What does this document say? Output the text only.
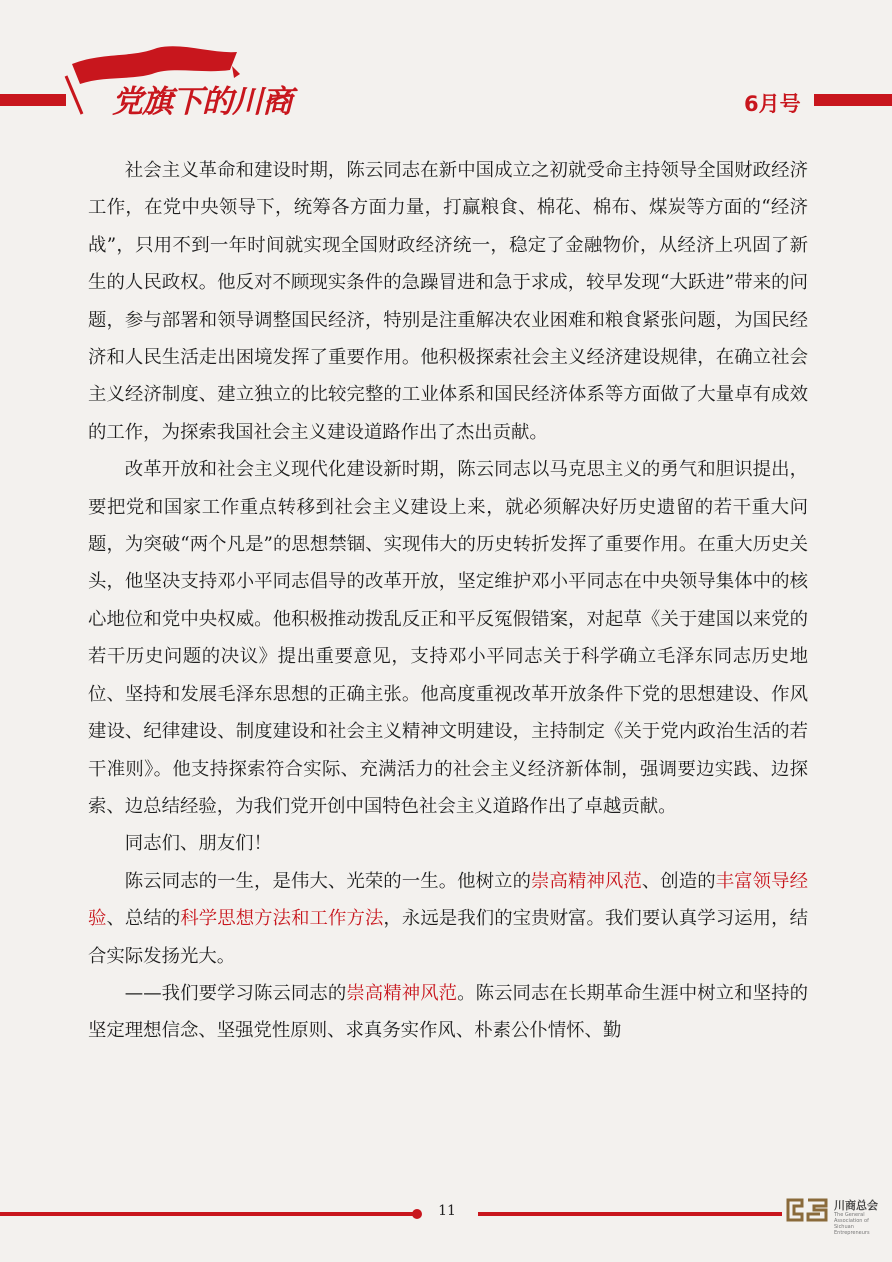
党旗下的川商	6月号

社会主义革命和建设时期，陈云同志在新中国成立之初就受命主持领导全国财政经济工作，在党中央领导下，统筹各方面力量，打赢粮食、棉花、棉布、煤炭等方面的“经济战”，只用不到一年时间就实现全国财政经济统一，稳定了金融物价，从经济上巩固了新生的人民政权。他反对不顾现实条件的急躁冒进和急于求成，较早发现“大跃进”带来的问题，参与部署和领导调整国民经济，特别是注重解决农业困难和粮食紧张问题，为国民经济和人民生活走出困境发挥了重要作用。他积极探索社会主义经济建设规律，在确立社会主义经济制度、建立独立的比较完整的工业体系和国民经济体系等方面做了大量卓有成效的工作，为探索我国社会主义建设道路作出了杰出贡献。

改革开放和社会主义现代化建设新时期，陈云同志以马克思主义的勇气和胆识提出，要把党和国家工作重点转移到社会主义建设上来，就必须解决好历史遗留的若干重大问题，为突破“两个凡是”的思想禁锢、实现伟大的历史转折发挥了重要作用。在重大历史关头，他坚决支持邓小平同志倡导的改革开放，坚定维护邓小平同志在中央领导集体中的核心地位和党中央权威。他积极推动拨乱反正和平反冤假错案，对起草《关于建国以来党的若干历史问题的决议》提出重要意见，支持邓小平同志关于科学确立毛泽东同志历史地位、坚持和发展毛泽东思想的正确主张。他高度重视改革开放条件下党的思想建设、作风建设、纪律建设、制度建设和社会主义精神文明建设，主持制定《关于党内政治生活的若干准则》。他支持探索符合实际、充满活力的社会主义经济新体制，强调要边实践、边探索、边总结经验，为我们党开创中国特色社会主义道路作出了卓越贡献。

同志们、朋友们！

陈云同志的一生，是伟大、光荣的一生。他树立的崇高精神风范、创造的丰富领导经验、总结的科学思想方法和工作方法，永远是我们的宝贵财富。我们要认真学习运用，结合实际发扬光大。

——我们要学习陈云同志的崇高精神风范。陈云同志在长期革命生涯中树立和坚持的坚定理想信念、坚强党性原则、求真务实作风、朴素公仆情怀、勤

11	川商总会
The General Association of Sichuan Entrepreneurs
